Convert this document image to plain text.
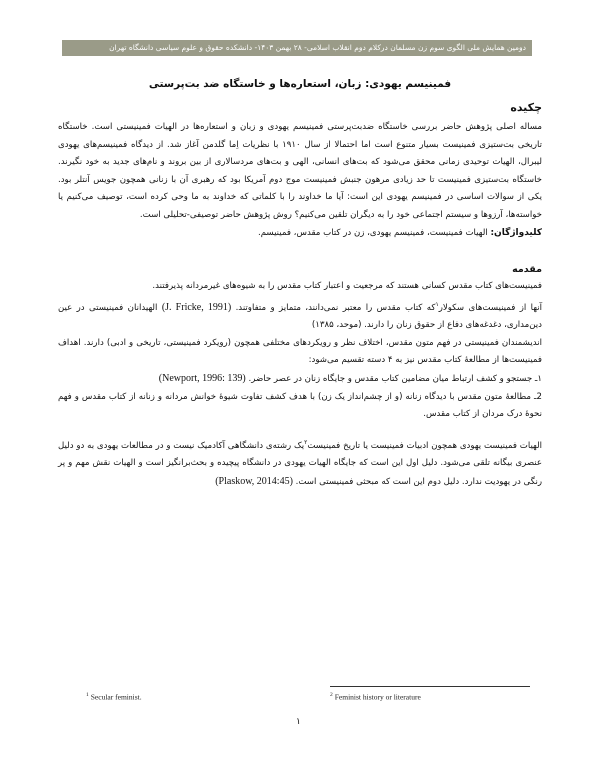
دومین همایش ملی الگوی سوم زن مسلمان درکلام دوم انقلاب اسلامی- ۲۸ بهمن ۱۴۰۳- دانشکده حقوق و علوم سیاسی دانشگاه تهران
فمینیسم یهودی: زبان، استعاره‌ها و خاستگاه ضد بت‌پرستی
چکیده

مساله اصلی پژوهش حاضر بررسی خاستگاه ضدبت‌پرستی فمینیسم یهودی و زبان و استعاره‌ها در الهیات فمینیستی است. خاستگاه تاریخی بت‌ستیزی فمینیست بسیار متنوع است اما احتمالا از سال ۱۹۱۰ با نظریات اِما گلدمن آغاز شد. از دیدگاه فمینیسم‌های یهودی لیبرال، الهیات توحیدی زمانی محقق می‌شود که بت‌های انسانی، الهی و بت‌های مردسالاری از بین بروند و نام‌های جدید به خود نگیرند. خاستگاه بت‌ستیزی فمینیست تا حد زیادی مرهون جنبش فمینیست موج دوم آمریکا بود که رهبری آن با زنانی همچون جویس آنتلر بود. یکی از سوالات اساسی در فمینیسم یهودی این است: آیا ما خداوند را با کلماتی که خداوند به ما وحی کرده است، توصیف می‌کنیم یا خواسته‌ها، آرزوها و سیستم اجتماعی خود را به دیگران تلقین می‌کنیم؟ روش پژوهش حاضر توصیفی-تحلیلی است.

کلیدواژگان: الهیات فمینیست، فمینیسم یهودی، زن در کتاب مقدس، فمینیسم.

مقدمه

فمینیست‌های کتاب مقدس کسانی هستند که مرجعیت و اعتبار کتاب مقدس را به شیوه‌های غیرمردانه پذیرفتند.

آنها از فمینیست‌های سکولار$^۱$که کتاب مقدس را معتبر نمی‌دانند، متمایز و متفاوتند. (J. Fricke, 1991) الهیدانان فمینیستی در عین دین‌مداری، دغدغه‌های دفاع از حقوق زنان را دارند. (موحد، ۱۳۸۵)

اندیشمندان فمینیستی در فهم متون مقدس، اختلاف نظر و رویکردهای مختلفی همچون (رویکرد فمینیستی، تاریخی و ادبی) دارند. اهداف فمینیست‌ها از مطالعهٔ کتاب مقدس نیز به ۴ دسته تقسیم می‌شود:

۱ـ جستجو و کشف ارتباط میان مضامین کتاب مقدس و جایگاه زنان در عصر حاضر. (Newport, 1996: 139)

2ـ مطالعهٔ متون مقدس با دیدگاه زنانه (و از چشم‌انداز یک زن) با هدف کشف تفاوت شیوهٔ خوانش مردانه و زنانه از کتاب مقدس و فهم نحوهٔ درک مردان از کتاب مقدس.

الهیات فمینیست یهودی همچون ادبیات فمینیست یا تاریخ فمینیست$^۲$یک رشته‌ی دانشگاهی آکادمیک نیست و در مطالعات یهودی به دو دلیل عنصری بیگانه تلقی می‌شود. دلیل اول این است که جایگاه الهیات یهودی در دانشگاه پیچیده و بحث‌برانگیز است و الهیات نقش مهم و پر رنگی در یهودیت ندارد. دلیل دوم این است که مبحثی فمینیستی است. (Plaskow, 2014:45)

$^1$ Secular feminist.	$^2$ Feminist history or literature
۱
